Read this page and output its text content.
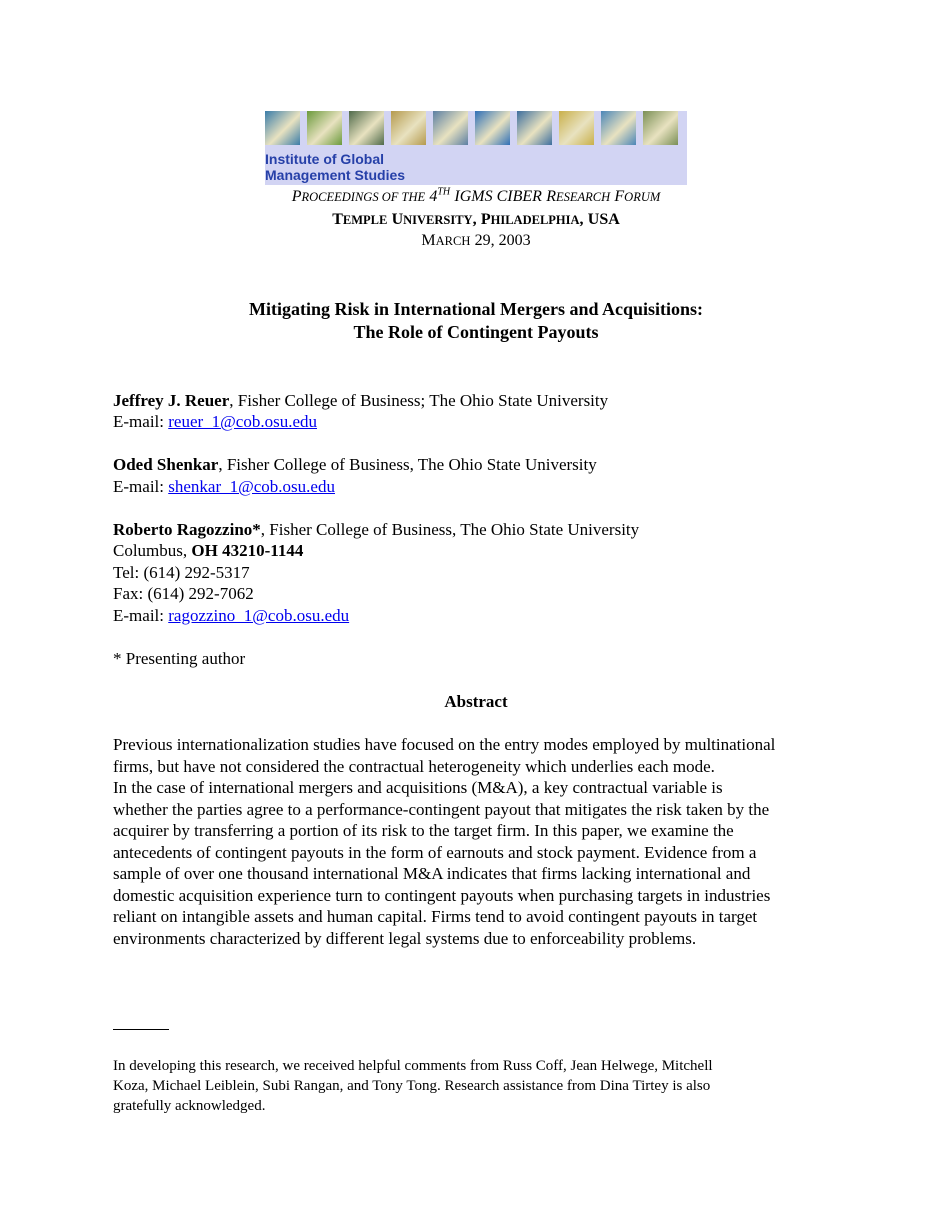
Institute of Global
Management Studies
PROCEEDINGS OF THE 4TH IGMS CIBER RESEARCH FORUM
TEMPLE UNIVERSITY, PHILADELPHIA, USA
MARCH 29, 2003
Mitigating Risk in International Mergers and Acquisitions:
The Role of Contingent Payouts
Jeffrey J. Reuer, Fisher College of Business; The Ohio State University
E-mail: reuer_1@cob.osu.edu
Oded Shenkar, Fisher College of Business, The Ohio State University
E-mail: shenkar_1@cob.osu.edu
Roberto Ragozzino*, Fisher College of Business, The Ohio State University
Columbus, OH 43210-1144
Tel: (614) 292-5317
Fax: (614) 292-7062
E-mail: ragozzino_1@cob.osu.edu
* Presenting author
Abstract
Previous internationalization studies have focused on the entry modes employed by multinational
firms, but have not considered the contractual heterogeneity which underlies each mode.
In the case of international mergers and acquisitions (M&A), a key contractual variable is
whether the parties agree to a performance-contingent payout that mitigates the risk taken by the
acquirer by transferring a portion of its risk to the target firm. In this paper, we examine the
antecedents of contingent payouts in the form of earnouts and stock payment. Evidence from a
sample of over one thousand international M&A indicates that firms lacking international and
domestic acquisition experience turn to contingent payouts when purchasing targets in industries
reliant on intangible assets and human capital. Firms tend to avoid contingent payouts in target
environments characterized by different legal systems due to enforceability problems.
In developing this research, we received helpful comments from Russ Coff, Jean Helwege, Mitchell
Koza, Michael Leiblein, Subi Rangan, and Tony Tong. Research assistance from Dina Tirtey is also
gratefully acknowledged.
